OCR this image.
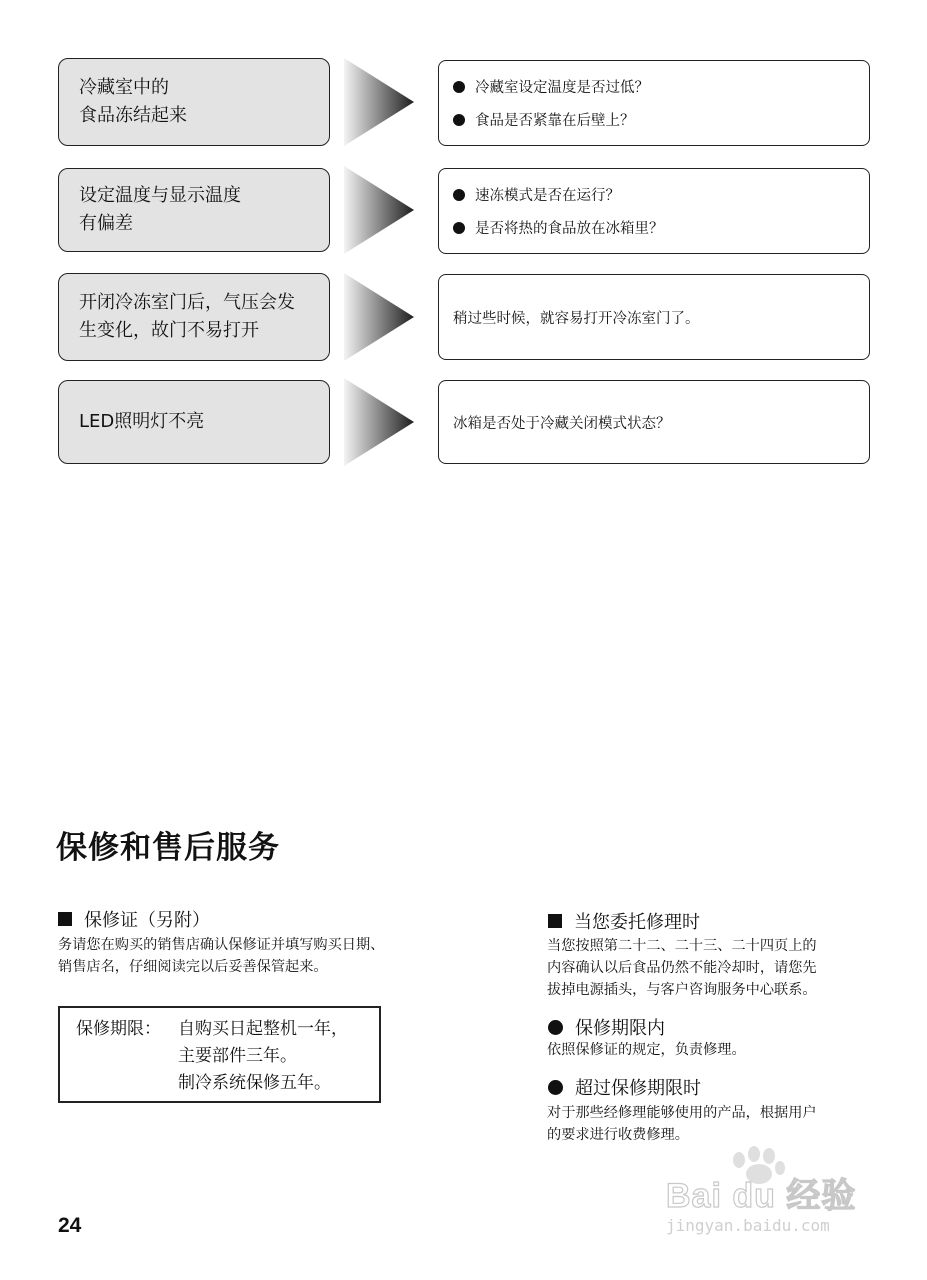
冷藏室中的
食品冻结起来
冷藏室设定温度是否过低？
食品是否紧靠在后壁上？
设定温度与显示温度
有偏差
速冻模式是否在运行？
是否将热的食品放在冰箱里？
开闭冷冻室门后，气压会发
生变化，故门不易打开
稍过些时候，就容易打开冷冻室门了。
LED照明灯不亮	冰箱是否处于冷藏关闭模式状态？
保修和售后服务
保修证（另附）
务请您在购买的销售店确认保修证并填写购买日期、
销售店名，仔细阅读完以后妥善保管起来。
保修期限： 自购买日起整机一年，
主要部件三年。
制冷系统保修五年。
当您委托修理时
当您按照第二十二、二十三、二十四页上的
内容确认以后食品仍然不能冷却时，请您先
拔掉电源插头，与客户咨询服务中心联系。
保修期限内
依照保修证的规定，负责修理。
超过保修期限时
对于那些经修理能够使用的产品，根据用户
的要求进行收费修理。
24
Bai du 经验
jingyan.baidu.com
